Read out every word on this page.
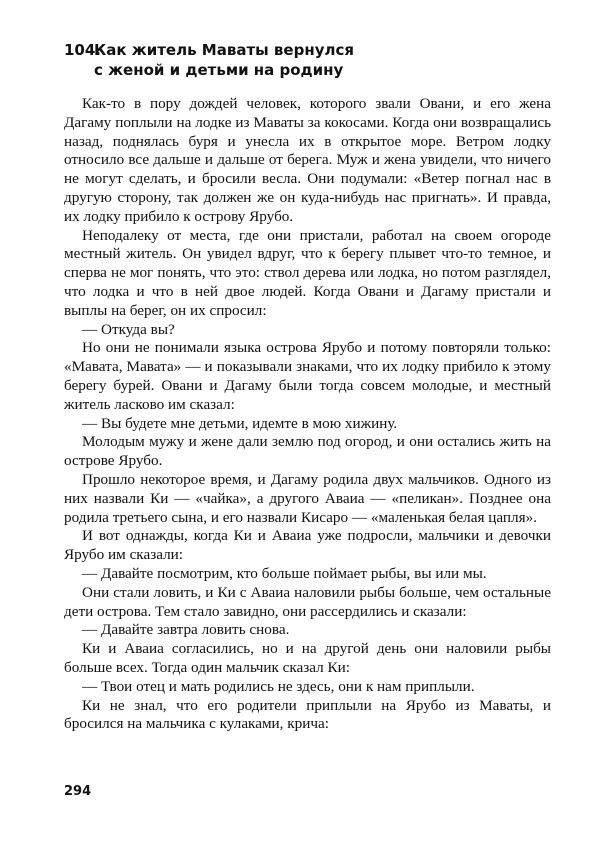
104.Как житель Маваты вернулся
с женой и детьми на родину

Как-то в пору дождей человек, которого звали Овани, и его жена Дагаму поплыли на лодке из Маваты за кокосами. Когда они возвращались назад, поднялась буря и унесла их в открытое море. Ветром лодку относило все дальше и дальше от берега. Муж и жена увидели, что ничего не могут сделать, и бросили весла. Они подумали: «Ветер погнал нас в другую сторону, так должен же он куда-нибудь нас пригнать». И правда, их лодку прибило к острову Ярубо.

Неподалеку от места, где они пристали, работал на своем огороде местный житель. Он увидел вдруг, что к берегу плывет что-то темное, и сперва не мог понять, что это: ствол дерева или лодка, но потом разглядел, что лодка и что в ней двое людей. Когда Овани и Дагаму пристали и выплы на берег, он их спросил:

— Откуда вы?

Но они не понимали языка острова Ярубо и потому повторяли только: «Мавата, Мавата» — и показывали знаками, что их лодку прибило к этому берегу бурей. Овани и Дагаму были тогда совсем молодые, и местный житель ласково им сказал:

— Вы будете мне детьми, идемте в мою хижину.

Молодым мужу и жене дали землю под огород, и они остались жить на острове Ярубо.

Прошло некоторое время, и Дагаму родила двух мальчиков. Одного из них назвали Ки — «чайка», а другого Аваиа — «пеликан». Позднее она родила третьего сына, и его назвали Кисаро — «маленькая белая цапля».

И вот однажды, когда Ки и Аваиа уже подросли, мальчики и девочки Ярубо им сказали:

— Давайте посмотрим, кто больше поймает рыбы, вы или мы.

Они стали ловить, и Ки с Аваиа наловили рыбы больше, чем остальные дети острова. Тем стало завидно, они рассердились и сказали:

— Давайте завтра ловить снова.

Ки и Аваиа согласились, но и на другой день они наловили рыбы больше всех. Тогда один мальчик сказал Ки:

— Твои отец и мать родились не здесь, они к нам приплыли.

Ки не знал, что его родители приплыли на Ярубо из Маваты, и бросился на мальчика с кулаками, крича:

294
